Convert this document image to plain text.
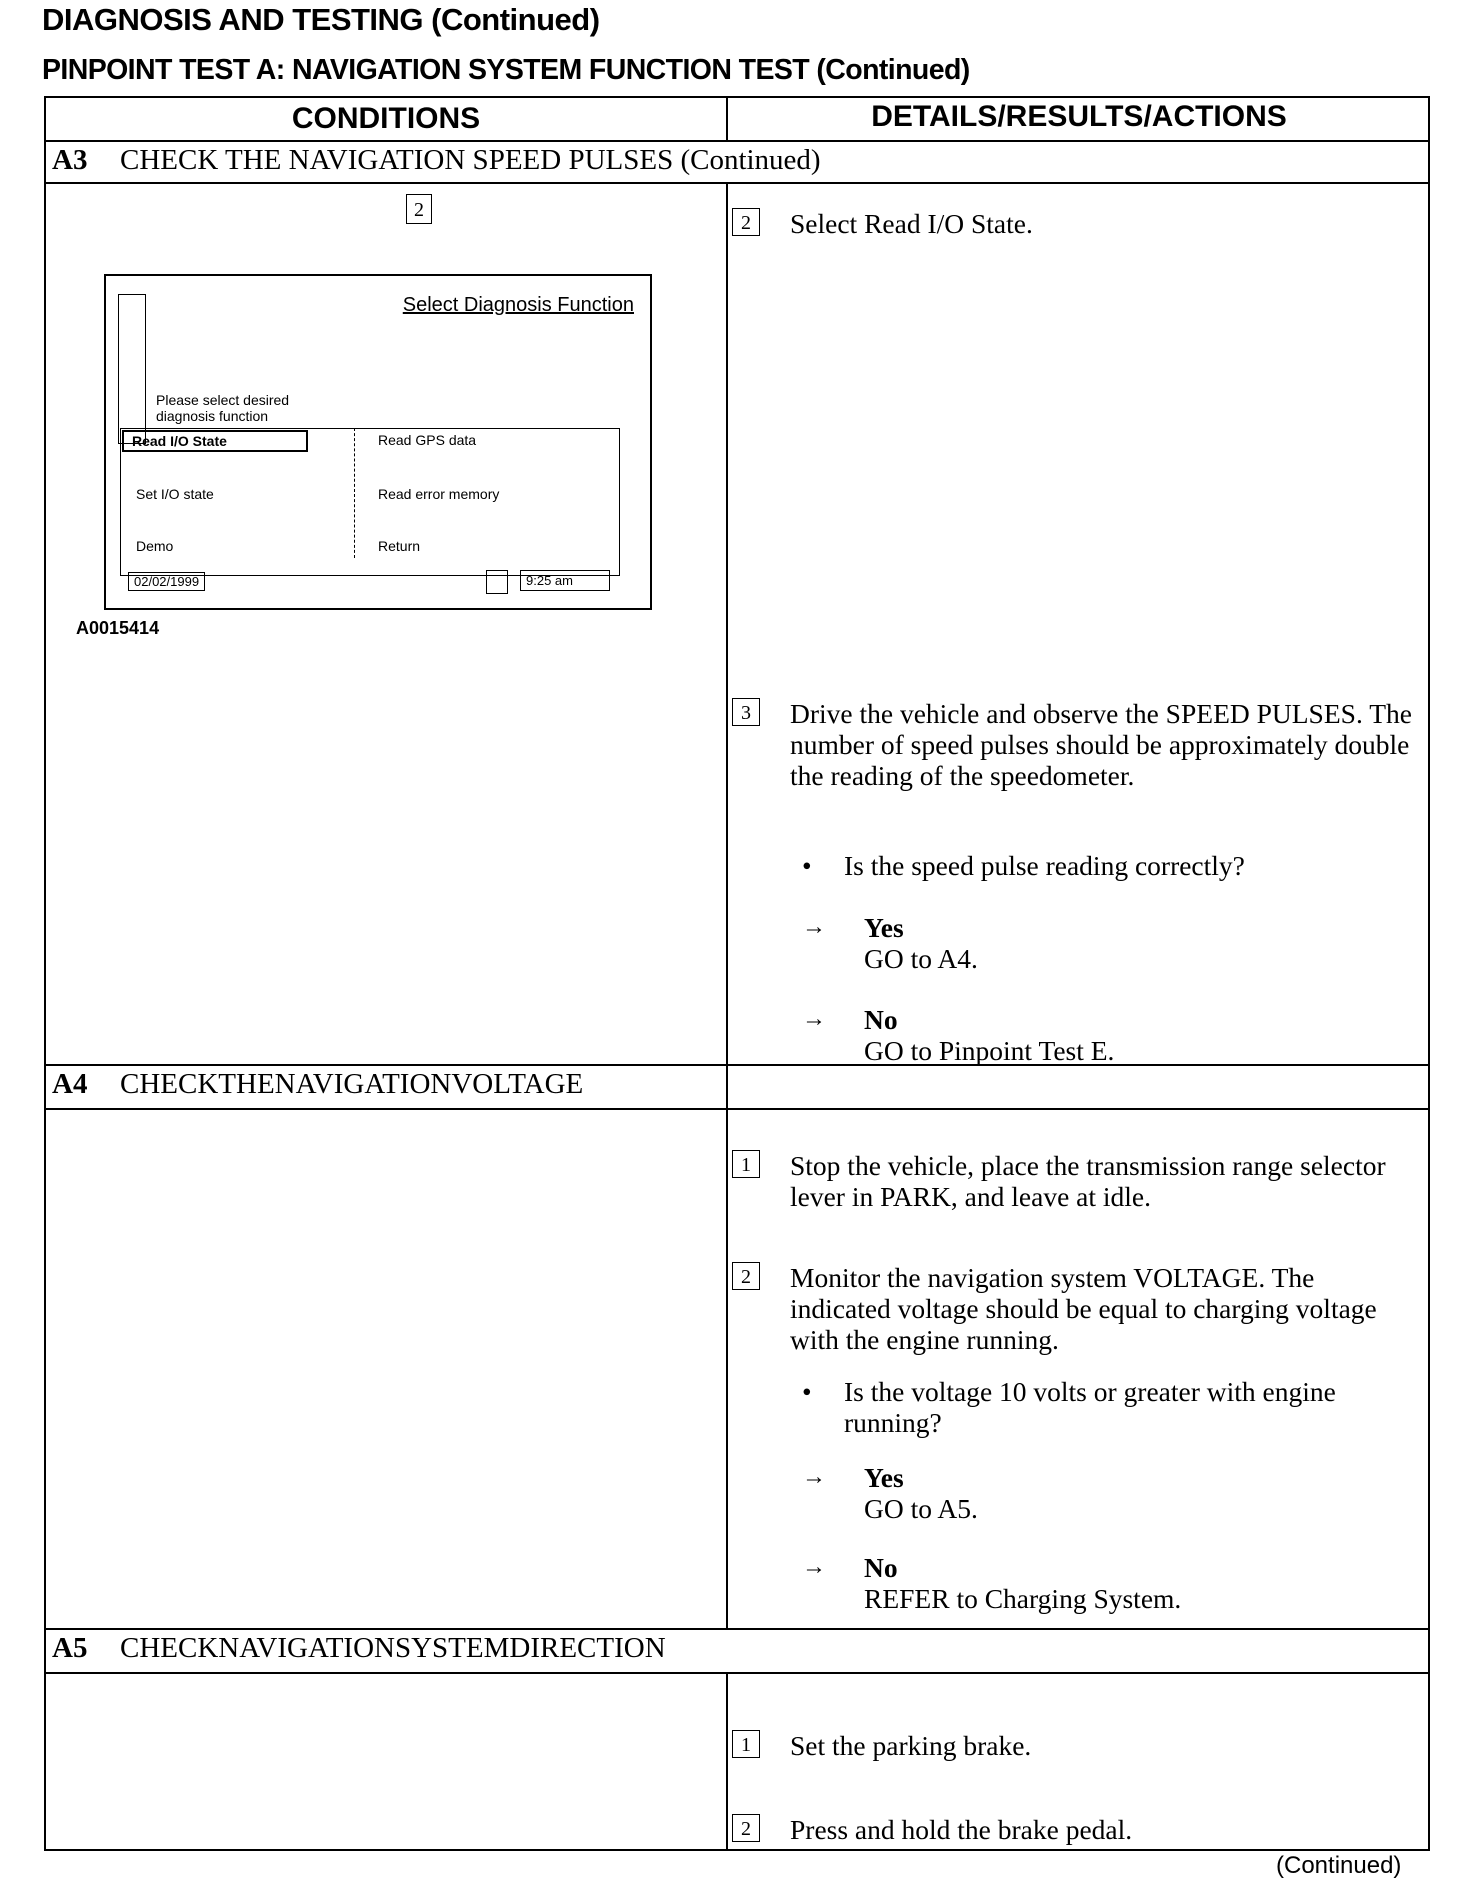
DIAGNOSIS AND TESTING (Continued)
PINPOINT TEST A: NAVIGATION SYSTEM FUNCTION TEST (Continued)
CONDITIONS	DETAILS/RESULTS/ACTIONS
A3 CHECK THE NAVIGATION SPEED PULSES (Continued)
2
Select Diagnosis Function
Please select desired
diagnosis function
Read I/O State	Read GPS data
Set I/O state	Read error memory
Demo	Return
02/02/1999	9:25 am
A0015414
2	Select Read I/O State.
3	Drive the vehicle and observe the SPEED PULSES. The number of speed pulses should be approximately double the reading of the speedometer.
• Is the speed pulse reading correctly?
→ Yes
GO to A4.
→ No
GO to Pinpoint Test E.
A4 CHECKTHENAVIGATIONVOLTAGE
1	Stop the vehicle, place the transmission range selector lever in PARK, and leave at idle.
2	Monitor the navigation system VOLTAGE. The indicated voltage should be equal to charging voltage with the engine running.
• Is the voltage 10 volts or greater with engine running?
→ Yes
GO to A5.
→ No
REFER to Charging System.
A5 CHECKNAVIGATIONSYSTEMDIRECTION
1	Set the parking brake.
2	Press and hold the brake pedal.
(Continued)
